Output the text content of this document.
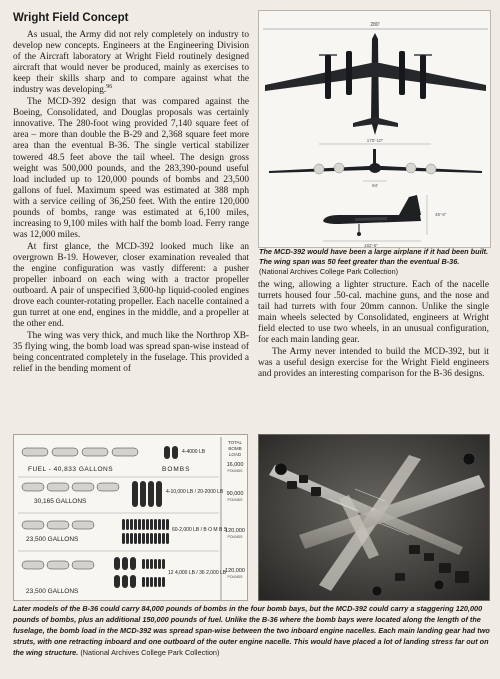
Wright Field Concept

As usual, the Army did not rely completely on industry to develop new concepts. Engineers at the Engineering Division of the Aircraft laboratory at Wright Field routinely designed aircraft that would never be produced, mainly as exercises to keep their skills sharp and to compare against what the industry was developing.$^{96}$

The MCD-392 design that was compared against the Boeing, Consolidated, and Douglas proposals was certainly innovative. The 280-foot wing provided 7,140 square feet of area – more than double the B-29 and 2,368 square feet more area than the eventual B-36. The single vertical stabilizer towered 48.5 feet above the tail wheel. The design gross weight was 500,000 pounds, and the 283,390-pound useful load included up to 120,000 pounds of bombs and 23,500 gallons of fuel. Maximum speed was estimated at 388 mph with a service ceiling of 36,250 feet. With the entire 120,000 pounds of bombs, range was estimated at 6,100 miles, increasing to 9,100 miles with half the bomb load. Ferry range was 12,000 miles.

At first glance, the MCD-392 looked much like an overgrown B-19. However, closer examination revealed that the engine configuration was vastly different: a pusher propeller inboard on each wing with a tractor propeller outboard. A pair of unspecified 3,600-hp liquid-cooled engines drove each counter-rotating propeller. Each nacelle contained a gun turret at one end, engines in the middle, and a propeller at the other end.

The wing was very thick, and much like the Northrop XB-35 flying wing, the bomb load was spread span-wise instead of being concentrated completely in the fuselage. This provided a relief in the bending moment of

280'
170'-10"
84'
48'-6"
182'-6"
The MCD-392 would have been a large airplane if it had been built. The wing span was 50 feet greater than the eventual B-36. (National Archives College Park Collection)

the wing, allowing a lighter structure. Each of the nacelle turrets housed four .50-cal. machine guns, and the nose and tail had turrets with four 20mm cannon. Unlike the single main wheels selected by Consolidated, engineers at Wright field elected to use two wheels, in an unusual configuration, for each main landing gear.

The Army never intended to build the MCD-392, but it was a useful design exercise for the Wright Field engineers and provides an interesting comparison for the B-36 designs.

TOTAL
BOMB
LOAD
4-4000 LB
FUEL - 40,833 GALLONS	BOMBS
16,000
POUNDS
4-10,000 LB / 20-2000 LB
30,165 GALLONS
90,000
POUNDS
60-2,000 LB / B O M B S
23,500 GALLONS
120,000
POUNDS
12 4,000 LB / 36 2,000 LB
23,500 GALLONS
120,000
POUNDS
Later models of the B-36 could carry 84,000 pounds of bombs in the four bomb bays, but the MCD-392 could carry a staggering 120,000 pounds of bombs, plus an additional 150,000 pounds of fuel. Unlike the B-36 where the bomb bays were located along the length of the fuselage, the bomb load in the MCD-392 was spread span-wise between the two inboard engine nacelles. Each main landing gear had two struts, with one retracting inboard and one outboard of the outer engine nacelle. This would have placed a lot of landing stress far out on the wing structure. (National Archives College Park Collection)
